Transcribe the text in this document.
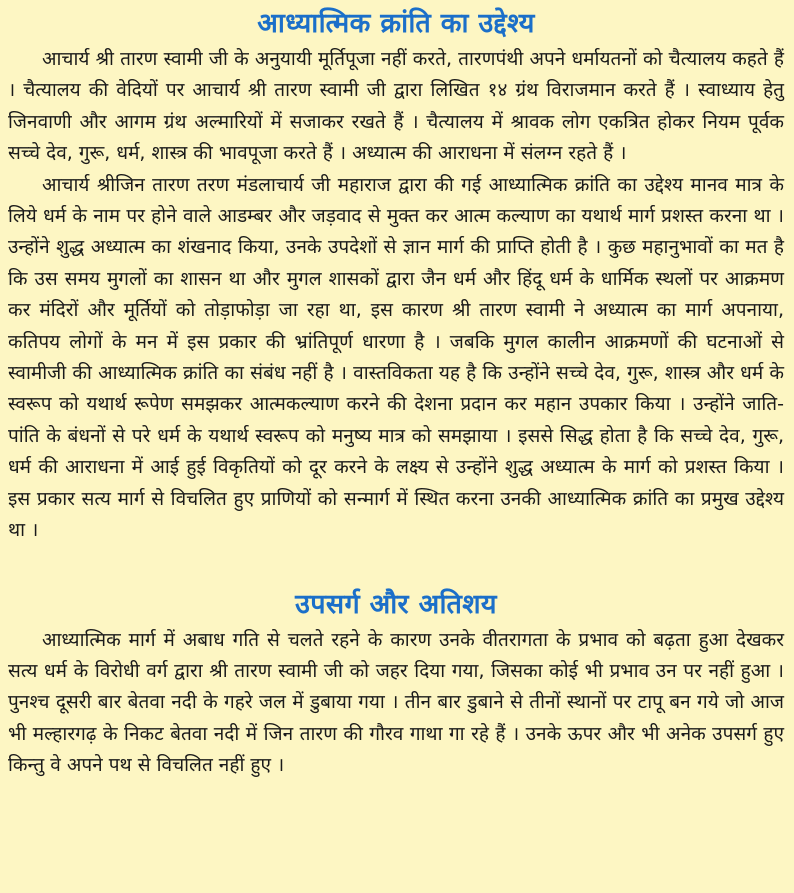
आध्यात्मिक क्रांति का उद्देश्य

आचार्य श्री तारण स्वामी जी के अनुयायी मूर्तिपूजा नहीं करते, तारणपंथी अपने धर्मायतनों को चैत्यालय कहते हैं । चैत्यालय की वेदियों पर आचार्य श्री तारण स्वामी जी द्वारा लिखित १४ ग्रंथ विराजमान करते हैं । स्वाध्याय हेतु जिनवाणी और आगम ग्रंथ अल्मारियों में सजाकर रखते हैं । चैत्यालय में श्रावक लोग एकत्रित होकर नियम पूर्वक सच्चे देव, गुरू, धर्म, शास्त्र की भावपूजा करते हैं । अध्यात्म की आराधना में संलग्न रहते हैं ।

आचार्य श्रीजिन तारण तरण मंडलाचार्य जी महाराज द्वारा की गई आध्यात्मिक क्रांति का उद्देश्य मानव मात्र के लिये धर्म के नाम पर होने वाले आडम्बर और जड़वाद से मुक्त कर आत्म कल्याण का यथार्थ मार्ग प्रशस्त करना था । उन्होंने शुद्ध अध्यात्म का शंखनाद किया, उनके उपदेशों से ज्ञान मार्ग की प्राप्ति होती है । कुछ महानुभावों का मत है कि उस समय मुगलों का शासन था और मुगल शासकों द्वारा जैन धर्म और हिंदू धर्म के धार्मिक स्थलों पर आक्रमण कर मंदिरों और मूर्तियों को तोड़ाफोड़ा जा रहा था, इस कारण श्री तारण स्वामी ने अध्यात्म का मार्ग अपनाया, कतिपय लोगों के मन में इस प्रकार की भ्रांतिपूर्ण धारणा है । जबकि मुगल कालीन आक्रमणों की घटनाओं से स्वामीजी की आध्यात्मिक क्रांति का संबंध नहीं है । वास्तविकता यह है कि उन्होंने सच्चे देव, गुरू, शास्त्र और धर्म के स्वरूप को यथार्थ रूपेण समझकर आत्मकल्याण करने की देशना प्रदान कर महान उपकार किया । उन्होंने जाति-पांति के बंधनों से परे धर्म के यथार्थ स्वरूप को मनुष्य मात्र को समझाया । इससे सिद्ध होता है कि सच्चे देव, गुरू, धर्म की आराधना में आई हुई विकृतियों को दूर करने के लक्ष्य से उन्होंने शुद्ध अध्यात्म के मार्ग को प्रशस्त किया । इस प्रकार सत्य मार्ग से विचलित हुए प्राणियों को सन्मार्ग में स्थित करना उनकी आध्यात्मिक क्रांति का प्रमुख उद्देश्य था ।

उपसर्ग और अतिशय

आध्यात्मिक मार्ग में अबाध गति से चलते रहने के कारण उनके वीतरागता के प्रभाव को बढ़ता हुआ देखकर सत्य धर्म के विरोधी वर्ग द्वारा श्री तारण स्वामी जी को जहर दिया गया, जिसका कोई भी प्रभाव उन पर नहीं हुआ । पुनश्च दूसरी बार बेतवा नदी के गहरे जल में डुबाया गया । तीन बार डुबाने से तीनों स्थानों पर टापू बन गये जो आज भी मल्हारगढ़ के निकट बेतवा नदी में जिन तारण की गौरव गाथा गा रहे हैं । उनके ऊपर और भी अनेक उपसर्ग हुए किन्तु वे अपने पथ से विचलित नहीं हुए ।
